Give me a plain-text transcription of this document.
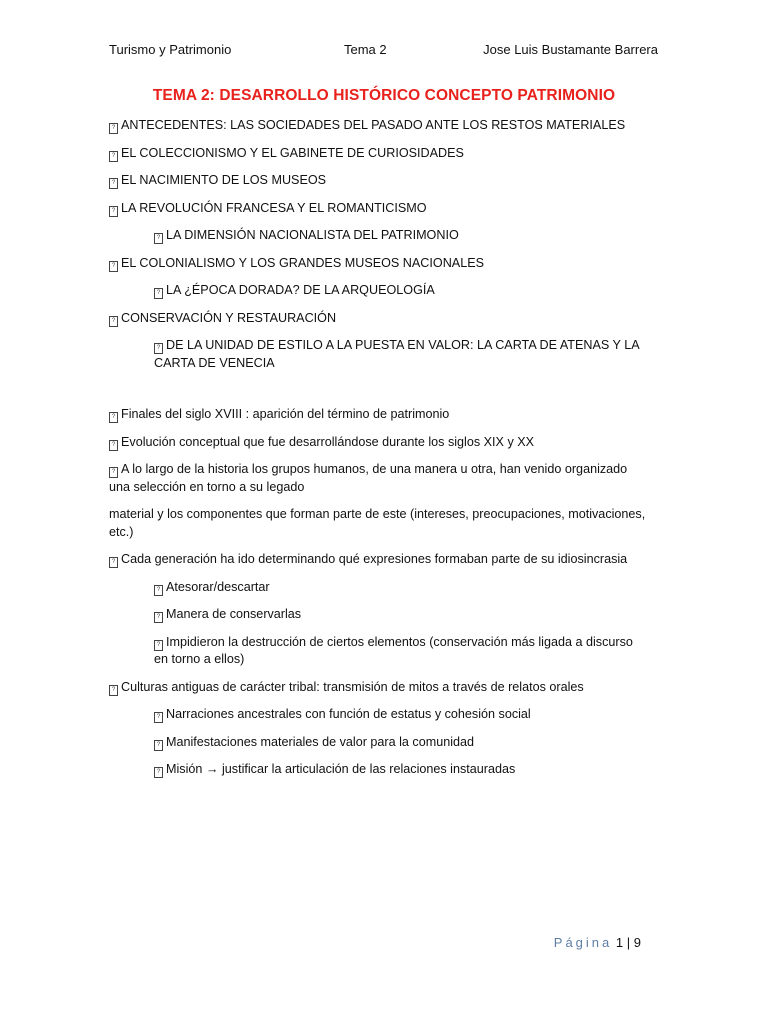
Turismo y Patrimonio	Tema 2	Jose Luis Bustamante Barrera
TEMA 2: DESARROLLO HISTÓRICO CONCEPTO PATRIMONIO
? ANTECEDENTES: LAS SOCIEDADES DEL PASADO ANTE LOS RESTOS MATERIALES
? EL COLECCIONISMO Y EL GABINETE DE CURIOSIDADES
? EL NACIMIENTO DE LOS MUSEOS
? LA REVOLUCIÓN FRANCESA Y EL ROMANTICISMO
? LA DIMENSIÓN NACIONALISTA DEL PATRIMONIO
? EL COLONIALISMO Y LOS GRANDES MUSEOS NACIONALES
? LA ¿ÉPOCA DORADA? DE LA ARQUEOLOGÍA
? CONSERVACIÓN Y RESTAURACIÓN
? DE LA UNIDAD DE ESTILO A LA PUESTA EN VALOR: LA CARTA DE ATENAS Y LA CARTA DE VENECIA
? Finales del siglo XVIII : aparición del término de patrimonio
? Evolución conceptual que fue desarrollándose durante los siglos XIX y XX
? A lo largo de la historia los grupos humanos, de una manera u otra, han venido organizado una selección en torno a su legado
material y los componentes que forman parte de este (intereses, preocupaciones, motivaciones, etc.)
? Cada generación ha ido determinando qué expresiones formaban parte de su idiosincrasia
? Atesorar/descartar
? Manera de conservarlas
? Impidieron la destrucción de ciertos elementos (conservación más ligada a discurso en torno a ellos)
? Culturas antiguas de carácter tribal: transmisión de mitos a través de relatos orales
? Narraciones ancestrales con función de estatus y cohesión social
? Manifestaciones materiales de valor para la comunidad
? Misión → justificar la articulación de las relaciones instauradas
Página 1 | 9
